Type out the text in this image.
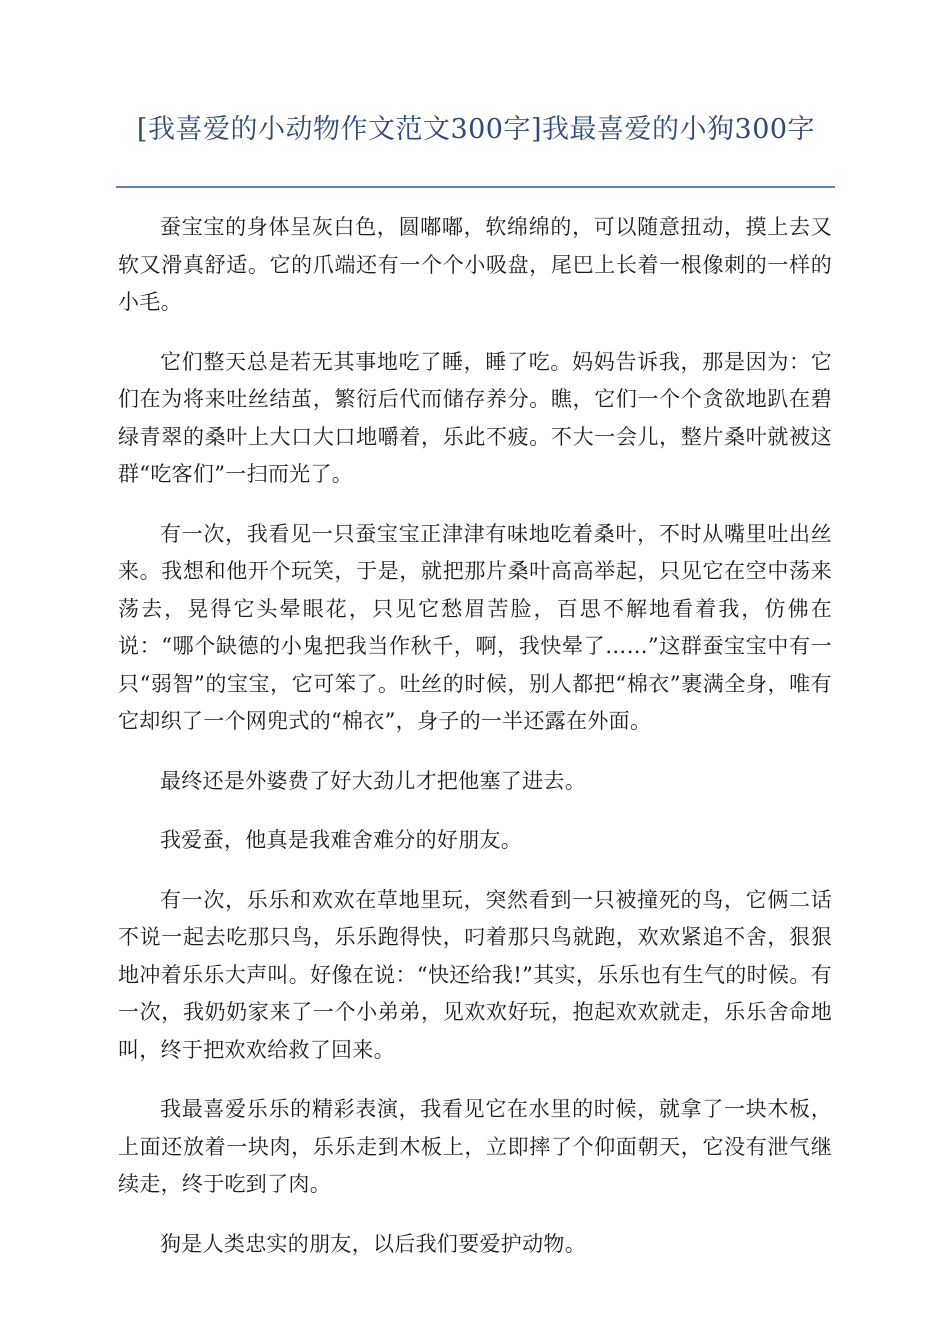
[我喜爱的小动物作文范文300字]我最喜爱的小狗300字

蚕宝宝的身体呈灰白色，圆嘟嘟，软绵绵的，可以随意扭动，摸上去又软又滑真舒适。它的爪端还有一个个小吸盘，尾巴上长着一根像刺的一样的小毛。

它们整天总是若无其事地吃了睡，睡了吃。妈妈告诉我，那是因为：它们在为将来吐丝结茧，繁衍后代而储存养分。瞧，它们一个个贪欲地趴在碧绿青翠的桑叶上大口大口地嚼着，乐此不疲。不大一会儿，整片桑叶就被这群“吃客们”一扫而光了。

有一次，我看见一只蚕宝宝正津津有味地吃着桑叶，不时从嘴里吐出丝来。我想和他开个玩笑，于是，就把那片桑叶高高举起，只见它在空中荡来荡去，晃得它头晕眼花，只见它愁眉苦脸，百思不解地看着我，仿佛在说：“哪个缺德的小鬼把我当作秋千，啊，我快晕了……”这群蚕宝宝中有一只“弱智”的宝宝，它可笨了。吐丝的时候，别人都把“棉衣”裹满全身，唯有它却织了一个网兜式的“棉衣”，身子的一半还露在外面。

最终还是外婆费了好大劲儿才把他塞了进去。

我爱蚕，他真是我难舍难分的好朋友。

有一次，乐乐和欢欢在草地里玩，突然看到一只被撞死的鸟，它俩二话不说一起去吃那只鸟，乐乐跑得快，叼着那只鸟就跑，欢欢紧追不舍，狠狠地冲着乐乐大声叫。好像在说：“快还给我!”其实，乐乐也有生气的时候。有一次，我奶奶家来了一个小弟弟，见欢欢好玩，抱起欢欢就走，乐乐舍命地叫，终于把欢欢给救了回来。

我最喜爱乐乐的精彩表演，我看见它在水里的时候，就拿了一块木板，上面还放着一块肉，乐乐走到木板上，立即摔了个仰面朝天，它没有泄气继续走，终于吃到了肉。

狗是人类忠实的朋友，以后我们要爱护动物。
